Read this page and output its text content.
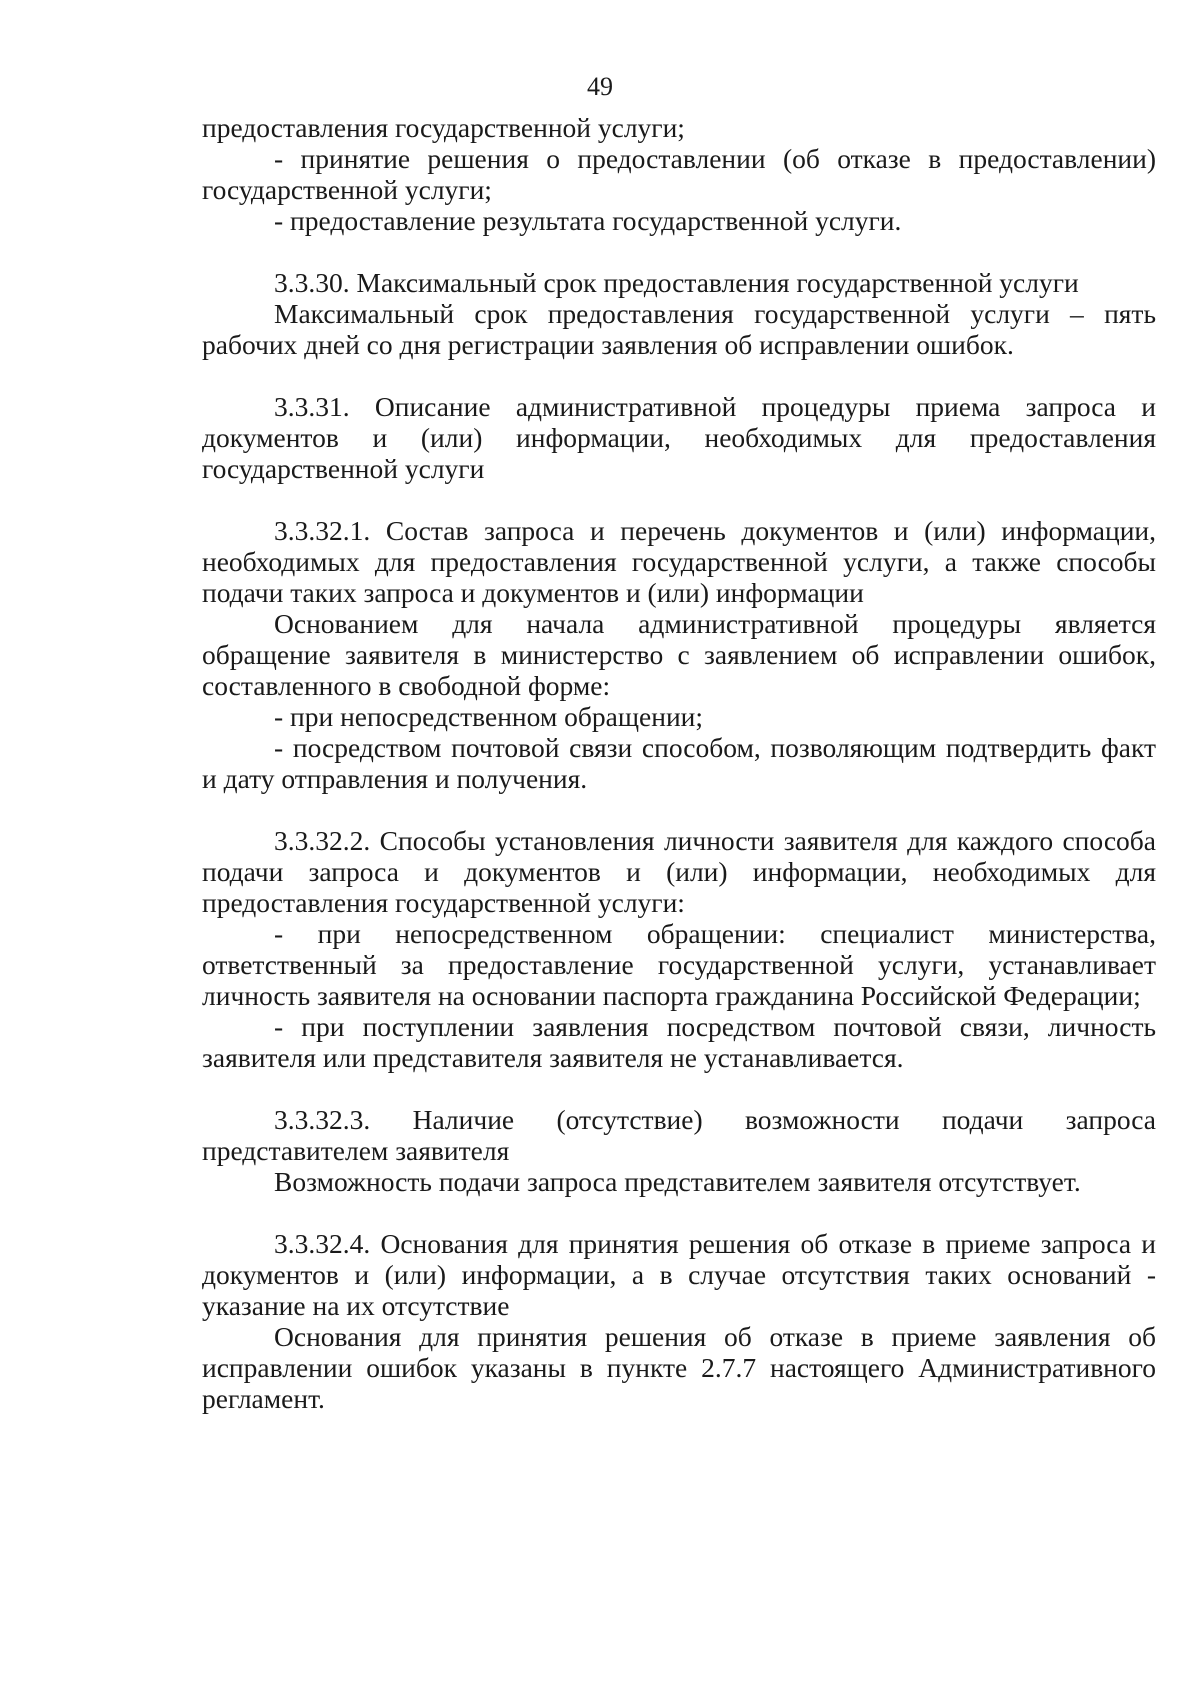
49

предоставления государственной услуги;

- принятие решения о предоставлении (об отказе в предоставлении) государственной услуги;

- предоставление результата государственной услуги.

3.3.30. Максимальный срок предоставления государственной услуги

Максимальный срок предоставления государственной услуги – пять рабочих дней со дня регистрации заявления об исправлении ошибок.

3.3.31. Описание административной процедуры приема запроса и документов и (или) информации, необходимых для предоставления государственной услуги

3.3.32.1. Состав запроса и перечень документов и (или) информации, необходимых для предоставления государственной услуги, а также способы подачи таких запроса и документов и (или) информации

Основанием для начала административной процедуры является обращение заявителя в министерство с заявлением об исправлении ошибок, составленного в свободной форме:

- при непосредственном обращении;

- посредством почтовой связи способом, позволяющим подтвердить факт и дату отправления и получения.

3.3.32.2. Способы установления личности заявителя для каждого способа подачи запроса и документов и (или) информации, необходимых для предоставления государственной услуги:

- при непосредственном обращении: специалист министерства, ответственный за предоставление государственной услуги, устанавливает личность заявителя на основании паспорта гражданина Российской Федерации;

- при поступлении заявления посредством почтовой связи, личность заявителя или представителя заявителя не устанавливается.

3.3.32.3. Наличие (отсутствие) возможности подачи запроса представителем заявителя

Возможность подачи запроса представителем заявителя отсутствует.

3.3.32.4. Основания для принятия решения об отказе в приеме запроса и документов и (или) информации, а в случае отсутствия таких оснований - указание на их отсутствие

Основания для принятия решения об отказе в приеме заявления об исправлении ошибок указаны в пункте 2.7.7 настоящего Административного регламент.
